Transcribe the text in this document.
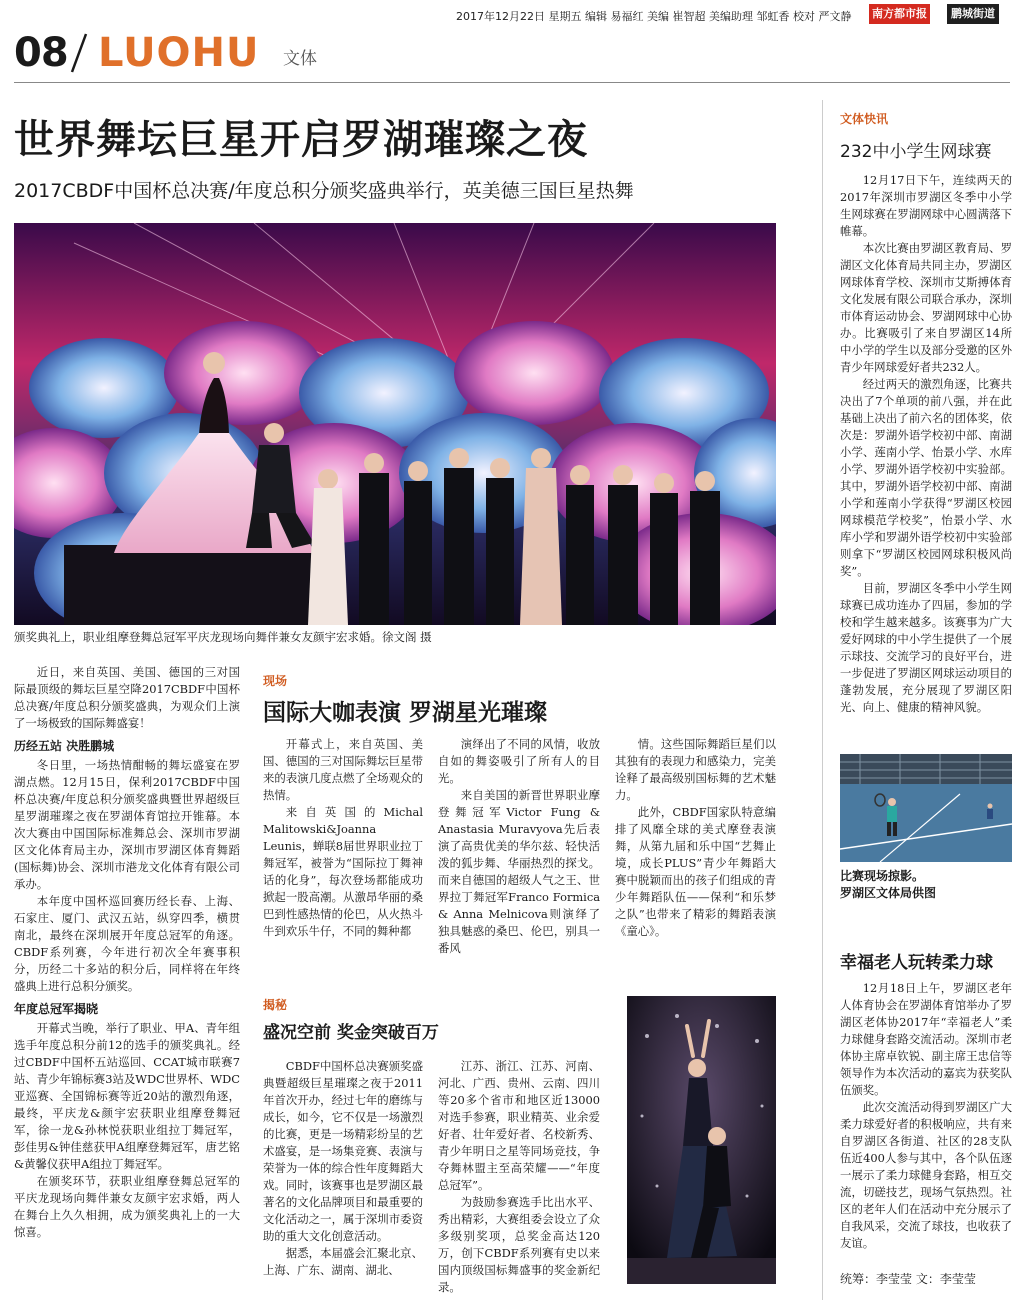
2017年12月22日 星期五 编辑 易福红 美编 崔智超 美编助理 邹虹香 校对 严文静 南方都市报	鹏城街道
08 LUOHU 文体
世界舞坛巨星开启罗湖璀璨之夜
2017CBDF中国杯总决赛/年度总积分颁奖盛典举行，英美德三国巨星热舞
颁奖典礼上，职业组摩登舞总冠军平庆龙现场向舞伴兼女友颜宇宏求婚。徐文阁 摄

近日，来自英国、美国、德国的三对国际最顶级的舞坛巨星空降2017CBDF中国杯总决赛/年度总积分颁奖盛典，为观众们上演了一场极致的国际舞盛宴！

历经五站 决胜鹏城

冬日里，一场热情酣畅的舞坛盛宴在罗湖点燃。12月15日，保利2017CBDF中国杯总决赛/年度总积分颁奖盛典暨世界超级巨星罗湖璀璨之夜在罗湖体育馆拉开锥幕。本次大赛由中国国际标准舞总会、深圳市罗湖区文化体育局主办，深圳市罗湖区体育舞蹈(国标舞)协会、深圳市港龙文化体育有限公司承办。

本年度中国杯巡回赛历经长春、上海、石家庄、厦门、武汉五站，纵穿四季，横贯南北，最终在深圳展开年度总冠军的角逐。CBDF系列赛，今年进行初次全年赛事积分，历经二十多站的积分后，同样将在年终盛典上进行总积分颁奖。

年度总冠军揭晓

开幕式当晚，举行了职业、甲A、青年组选手年度总积分前12的选手的颁奖典礼。经过CBDF中国杯五站巡回、CCAT城市联赛7站、青少年锦标赛3站及WDC世界杯、WDC亚巡赛、全国锦标赛等近20站的激烈角逐，最终，平庆龙&颜宇宏获职业组摩登舞冠军，徐一龙&孙林悦获职业组拉丁舞冠军，彭佳男&钟佳慈获甲A组摩登舞冠军，唐艺铭&黄馨仪获甲A组拉丁舞冠军。

在颁奖环节，获职业组摩登舞总冠军的平庆龙现场向舞伴兼女友颜宇宏求婚，两人在舞台上久久相拥，成为颁奖典礼上的一大惊喜。

现场
国际大咖表演 罗湖星光璀璨

开幕式上，来自英国、美国、德国的三对国际舞坛巨星带来的表演几度点燃了全场观众的热情。

来自英国的Michal Malitowski&Joanna Leunis，蝉联8届世界职业拉丁舞冠军，被誉为“国际拉丁舞神话的化身”，每次登场都能成功掀起一股高潮。从激昂华丽的桑巴到性感热情的伦巴，从火热斗牛到欢乐牛仔，不同的舞种都

演绎出了不同的风情，收放自如的舞姿吸引了所有人的目光。

来自美国的新晋世界职业摩登舞冠军Victor Fung & Anastasia Muravyova先后表演了高贵优美的华尔兹、轻快活泼的狐步舞、华丽热烈的探戈。而来自德国的超级人气之王、世界拉丁舞冠军Franco Formica & Anna Melnicova则演绎了独具魅惑的桑巴、伦巴，别具一番风

情。这些国际舞蹈巨星们以其独有的表现力和感染力，完美诠释了最高级别国标舞的艺术魅力。

此外，CBDF国家队特意编排了风靡全球的美式摩登表演舞，从第九届和乐中国“艺舞止境，成长PLUS”青少年舞蹈大赛中脱颖而出的孩子们组成的青少年舞蹈队伍——保利“和乐梦之队”也带来了精彩的舞蹈表演《童心》。

揭秘
盛况空前 奖金突破百万

CBDF中国杯总决赛颁奖盛典暨超级巨星璀璨之夜于2011年首次开办，经过七年的磨练与成长，如今，它不仅是一场激烈的比赛，更是一场精彩纷呈的艺术盛宴，是一场集竞赛、表演与荣誉为一体的综合性年度舞蹈大戏。同时，该赛事也是罗湖区最著名的文化品牌项目和最重要的文化活动之一，属于深圳市委资助的重大文化创意活动。

据悉，本届盛会汇聚北京、上海、广东、湖南、湖北、

江苏、浙江、江苏、河南、河北、广西、贵州、云南、四川等20多个省市和地区近13000对选手参赛，职业精英、业余爱好者、壮年爱好者、名校新秀、青少年明日之星等同场竞技，争夺舞林盟主至高荣耀——“年度总冠军”。

为鼓励参赛选手比出水平、秀出精彩，大赛组委会设立了众多级别奖项，总奖金高达120万，创下CBDF系列赛有史以来国内顶级国标舞盛事的奖金新纪录。

文体快讯
232中小学生网球赛

12月17日下午，连续两天的2017年深圳市罗湖区冬季中小学生网球赛在罗湖网球中心圆满落下帷幕。

本次比赛由罗湖区教育局、罗湖区文化体育局共同主办，罗湖区网球体育学校、深圳市艾斯搏体育文化发展有限公司联合承办，深圳市体育运动协会、罗湖网球中心协办。比赛吸引了来自罗湖区14所中小学的学生以及部分受邀的区外青少年网球爱好者共232人。

经过两天的激烈角逐，比赛共决出了7个单项的前八强，并在此基础上决出了前六名的团体奖，依次是：罗湖外语学校初中部、南湖小学、莲南小学、怡景小学、水库小学、罗湖外语学校初中实验部。其中，罗湖外语学校初中部、南湖小学和莲南小学获得“罗湖区校园网球模范学校奖”，怡景小学、水库小学和罗湖外语学校初中实验部则拿下“罗湖区校园网球积极风尚奖”。

目前，罗湖区冬季中小学生网球赛已成功连办了四届，参加的学校和学生越来越多。该赛事为广大爱好网球的中小学生提供了一个展示球技、交流学习的良好平台，进一步促进了罗湖区网球运动项目的蓬勃发展，充分展现了罗湖区阳光、向上、健康的精神风貌。

比赛现场掠影。
罗湖区文体局供图
幸福老人玩转柔力球

12月18日上午，罗湖区老年人体育协会在罗湖体育馆举办了罗湖区老体协2017年“幸福老人”柔力球健身套路交流活动。深圳市老体协主席卓钦锐、副主席王忠信等领导作为本次活动的嘉宾为获奖队伍颁奖。

此次交流活动得到罗湖区广大柔力球爱好者的积极响应，共有来自罗湖区各街道、社区的28支队伍近400人参与其中，各个队伍逐一展示了柔力球健身套路，相互交流，切磋技艺，现场气氛热烈。社区的老年人们在活动中充分展示了自我风采，交流了球技，也收获了友谊。

统筹：李莹莹 文：李莹莹
